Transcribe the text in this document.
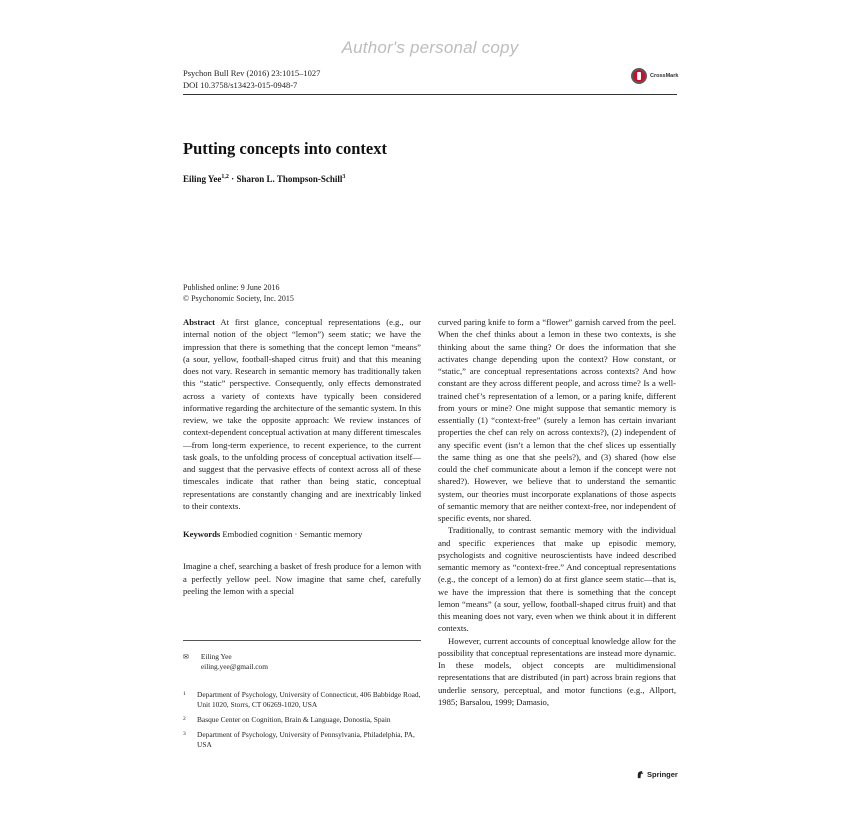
Author's personal copy
Psychon Bull Rev (2016) 23:1015–1027
DOI 10.3758/s13423-015-0948-7
CrossMark
Putting concepts into context
Eiling Yee$^{1,2}$ · Sharon L. Thompson-Schill$^3$
Published online: 9 June 2016
© Psychonomic Society, Inc. 2015

Abstract At first glance, conceptual representations (e.g., our internal notion of the object “lemon”) seem static; we have the impression that there is something that the concept lemon “means” (a sour, yellow, football-shaped citrus fruit) and that this meaning does not vary. Research in semantic memory has traditionally taken this “static” perspective. Consequently, only effects demonstrated across a variety of contexts have typically been considered informative regarding the architecture of the semantic system. In this review, we take the opposite approach: We review instances of context-dependent conceptual activation at many different timescales—from long-term experience, to recent experience, to the current task goals, to the unfolding process of conceptual activation itself—and suggest that the pervasive effects of context across all of these timescales indicate that rather than being static, conceptual representations are constantly changing and are inextricably linked to their contexts.

Keywords Embodied cognition · Semantic memory

Imagine a chef, searching a basket of fresh produce for a lemon with a perfectly yellow peel. Now imagine that same chef, carefully peeling the lemon with a special

curved paring knife to form a “flower” garnish carved from the peel. When the chef thinks about a lemon in these two contexts, is she thinking about the same thing? Or does the information that she activates change depending upon the context? How constant, or “static,” are conceptual representations across contexts? And how constant are they across different people, and across time? Is a well-trained chef’s representation of a lemon, or a paring knife, different from yours or mine? One might suppose that semantic memory is essentially (1) “context-free” (surely a lemon has certain invariant properties the chef can rely on across contexts?), (2) independent of any specific event (isn’t a lemon that the chef slices up essentially the same thing as one that she peels?), and (3) shared (how else could the chef communicate about a lemon if the concept were not shared?). However, we believe that to understand the semantic system, our theories must incorporate explanations of those aspects of semantic memory that are neither context-free, nor independent of specific events, nor shared.

Traditionally, to contrast semantic memory with the individual and specific experiences that make up episodic memory, psychologists and cognitive neuroscientists have indeed described semantic memory as “context-free.” And conceptual representations (e.g., the concept of a lemon) do at first glance seem static—that is, we have the impression that there is something that the concept lemon “means” (a sour, yellow, football-shaped citrus fruit) and that this meaning does not vary, even when we think about it in different contexts.

However, current accounts of conceptual knowledge allow for the possibility that conceptual representations are instead more dynamic. In these models, object concepts are multidimensional representations that are distributed (in part) across brain regions that underlie sensory, perceptual, and motor functions (e.g., Allport, 1985; Barsalou, 1999; Damasio,

✉ Eiling Yee
eiling.yee@gmail.com
1	Department of Psychology, University of Connecticut, 406 Babbidge Road, Unit 1020, Storrs, CT 06269-1020, USA
2	Basque Center on Cognition, Brain & Language, Donostia, Spain
3	Department of Psychology, University of Pennsylvania, Philadelphia, PA, USA
Springer
